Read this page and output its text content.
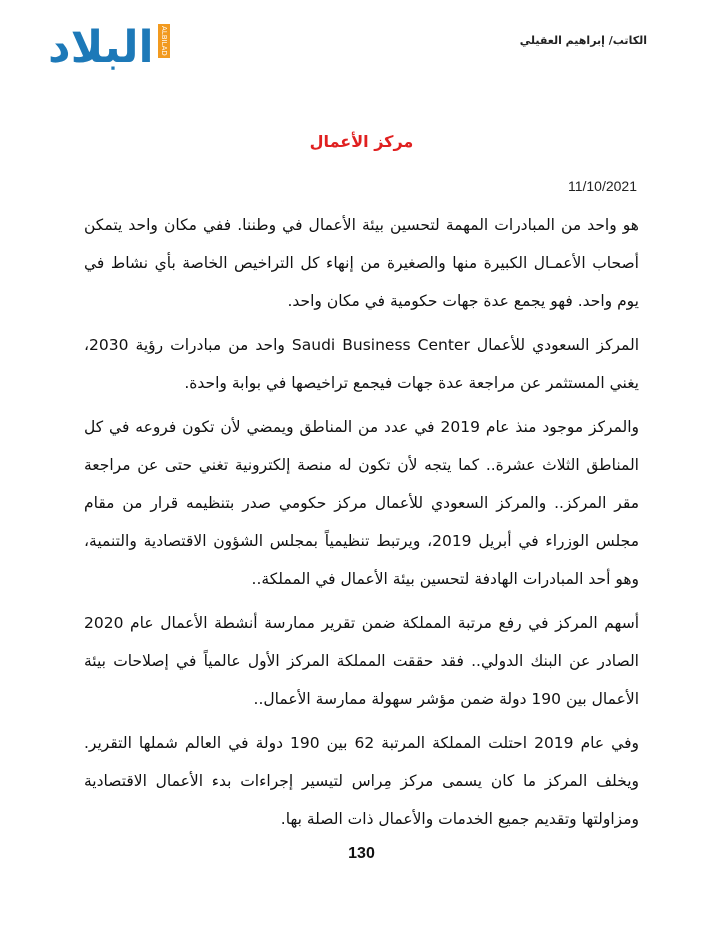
البلاد ALBILAD	الكاتب/ إبراهيم العقيلي
مركز الأعمال
11/10/2021

هو واحد من المبادرات المهمة لتحسين بيئة الأعمال في وطننا. ففي مكان واحد يتمكن أصحاب الأعمـال الكبيرة منها والصغيرة من إنهاء كل التراخيص الخاصة بأي نشاط في يوم واحد. فهو يجمع عدة جهات حكومية في مكان واحد.

المركز السعودي للأعمال Saudi Business Center واحد من مبادرات رؤية 2030، يغني المستثمر عن مراجعة عدة جهات فيجمع تراخيصها في بوابة واحدة.

والمركز موجود منذ عام 2019 في عدد من المناطق ويمضي لأن تكون فروعه في كل المناطق الثلاث عشرة.. كما يتجه لأن تكون له منصة إلكترونية تغني حتى عن مراجعة مقر المركز.. والمركز السعودي للأعمال مركز حكومي صدر بتنظيمه قرار من مقام مجلس الوزراء في أبريل 2019، ويرتبط تنظيمياً بمجلس الشؤون الاقتصادية والتنمية، وهو أحد المبادرات الهادفة لتحسين بيئة الأعمال في المملكة..

أسهم المركز في رفع مرتبة المملكة ضمن تقرير ممارسة أنشطة الأعمال عام 2020 الصادر عن البنك الدولي.. فقد حققت المملكة المركز الأول عالمياً في إصلاحات بيئة الأعمال بين 190 دولة ضمن مؤشر سهولة ممارسة الأعمال..

وفي عام 2019 احتلت المملكة المرتبة 62 بين 190 دولة في العالم شملها التقرير. ويخلف المركز ما كان يسمى مركز مِراس لتيسير إجراءات بدء الأعمال الاقتصادية ومزاولتها وتقديم جميع الخدمات والأعمال ذات الصلة بها.

130
